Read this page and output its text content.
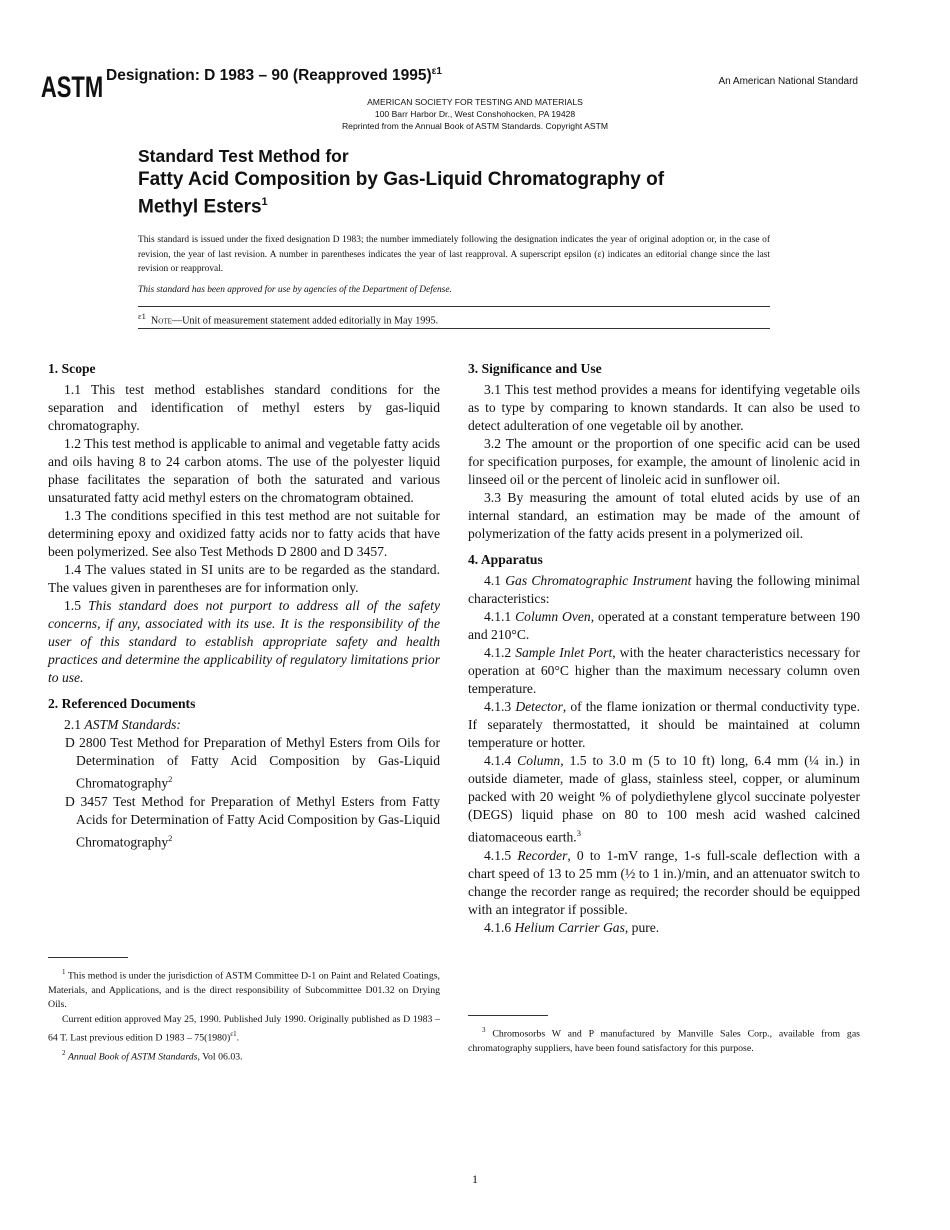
ASTM Designation: D 1983 – 90 (Reapproved 1995)$^{\varepsilon 1}$
An American National Standard
AMERICAN SOCIETY FOR TESTING AND MATERIALS
100 Barr Harbor Dr., West Conshohocken, PA 19428
Reprinted from the Annual Book of ASTM Standards. Copyright ASTM
Standard Test Method for
Fatty Acid Composition by Gas-Liquid Chromatography of
Methyl Esters$^1$
This standard is issued under the fixed designation D 1983; the number immediately following the designation indicates the year of original adoption or, in the case of revision, the year of last revision. A number in parentheses indicates the year of last reapproval. A superscript epsilon (ε) indicates an editorial change since the last revision or reapproval.
This standard has been approved for use by agencies of the Department of Defense.
$^{\varepsilon 1}$ Note—Unit of measurement statement added editorially in May 1995.
1. Scope

1.1 This test method establishes standard conditions for the separation and identification of methyl esters by gas-liquid chromatography.

1.2 This test method is applicable to animal and vegetable fatty acids and oils having 8 to 24 carbon atoms. The use of the polyester liquid phase facilitates the separation of both the saturated and various unsaturated fatty acid methyl esters on the chromatogram obtained.

1.3 The conditions specified in this test method are not suitable for determining epoxy and oxidized fatty acids nor to fatty acids that have been polymerized. See also Test Methods D 2800 and D 3457.

1.4 The values stated in SI units are to be regarded as the standard. The values given in parentheses are for information only.

1.5 This standard does not purport to address all of the safety concerns, if any, associated with its use. It is the responsibility of the user of this standard to establish appropriate safety and health practices and determine the applicability of regulatory limitations prior to use.

2. Referenced Documents

2.1 ASTM Standards:

D 2800 Test Method for Preparation of Methyl Esters from Oils for Determination of Fatty Acid Composition by Gas-Liquid Chromatography$^2$

D 3457 Test Method for Preparation of Methyl Esters from Fatty Acids for Determination of Fatty Acid Composition by Gas-Liquid Chromatography$^2$

$^1$ This method is under the jurisdiction of ASTM Committee D-1 on Paint and Related Coatings, Materials, and Applications, and is the direct responsibility of Subcommittee D01.32 on Drying Oils.

Current edition approved May 25, 1990. Published July 1990. Originally published as D 1983 – 64 T. Last previous edition D $1983 - 75(1980)^{\varepsilon 1}$.

$^2$ Annual Book of ASTM Standards, Vol 06.03.

3. Significance and Use

3.1 This test method provides a means for identifying vegetable oils as to type by comparing to known standards. It can also be used to detect adulteration of one vegetable oil by another.

3.2 The amount or the proportion of one specific acid can be used for specification purposes, for example, the amount of linolenic acid in linseed oil or the percent of linoleic acid in sunflower oil.

3.3 By measuring the amount of total eluted acids by use of an internal standard, an estimation may be made of the amount of polymerization of the fatty acids present in a polymerized oil.

4. Apparatus

4.1 Gas Chromatographic Instrument having the following minimal characteristics:

4.1.1 Column Oven, operated at a constant temperature between 190 and 210°C.

4.1.2 Sample Inlet Port, with the heater characteristics necessary for operation at 60°C higher than the maximum necessary column oven temperature.

4.1.3 Detector, of the flame ionization or thermal conductivity type. If separately thermostatted, it should be maintained at column temperature or hotter.

4.1.4 Column, 1.5 to 3.0 m (5 to 10 ft) long, 6.4 mm (¼ in.) in outside diameter, made of glass, stainless steel, copper, or aluminum packed with 20 weight % of polydiethylene glycol succinate polyester (DEGS) liquid phase on 80 to 100 mesh acid washed calcined diatomaceous earth.$^3$

4.1.5 Recorder, 0 to 1-mV range, 1-s full-scale deflection with a chart speed of 13 to 25 mm (½ to 1 in.)/min, and an attenuator switch to change the recorder range as required; the recorder should be equipped with an integrator if possible.

4.1.6 Helium Carrier Gas, pure.

$^3$ Chromosorbs W and P manufactured by Manville Sales Corp., available from gas chromatography suppliers, have been found satisfactory for this purpose.

1
